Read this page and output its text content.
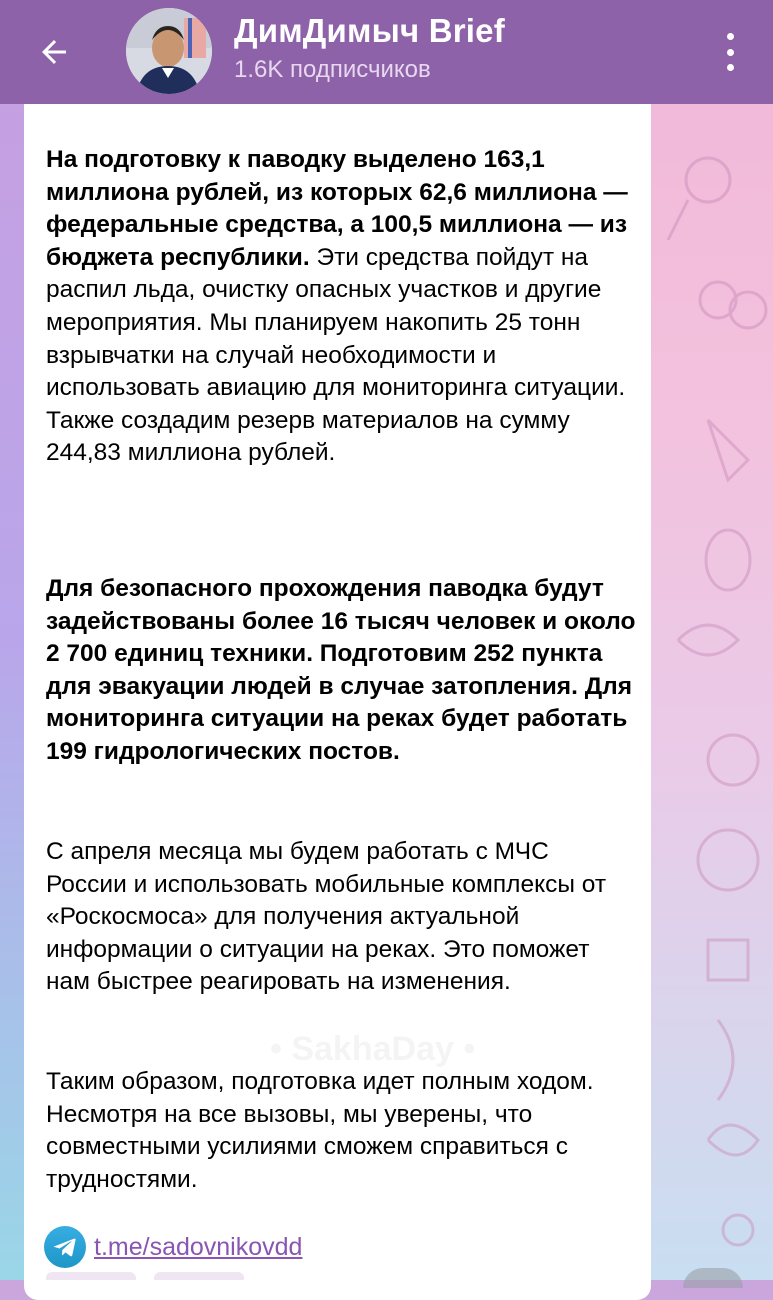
ДимДимыч Brief
1.6K подписчиков

На подготовку к паводку выделено 163,1 миллиона рублей, из которых 62,6 миллиона — федеральные средства, а 100,5 миллиона — из бюджета республики. Эти средства пойдут на распил льда, очистку опасных участков и другие мероприятия. Мы планируем накопить 25 тонн взрывчатки на случай необходимости и использовать авиацию для мониторинга ситуации. Также создадим резерв материалов на сумму 244,83 миллиона рублей.

Для безопасного прохождения паводка будут задействованы более 16 тысяч человек и около 2 700 единиц техники. Подготовим 252 пункта для эвакуации людей в случае затопления. Для мониторинга ситуации на реках будет работать 199 гидрологических постов.

С апреля месяца мы будем работать с МЧС России и использовать мобильные комплексы от «Роскосмоса» для получения актуальной информации о ситуации на реках. Это поможет нам быстрее реагировать на изменения.

Таким образом, подготовка идет полным ходом. Несмотря на все вызовы, мы уверены, что совместными усилиями сможем справиться с трудностями.

• SakhaDay •
t.me/sadovnikovdd
